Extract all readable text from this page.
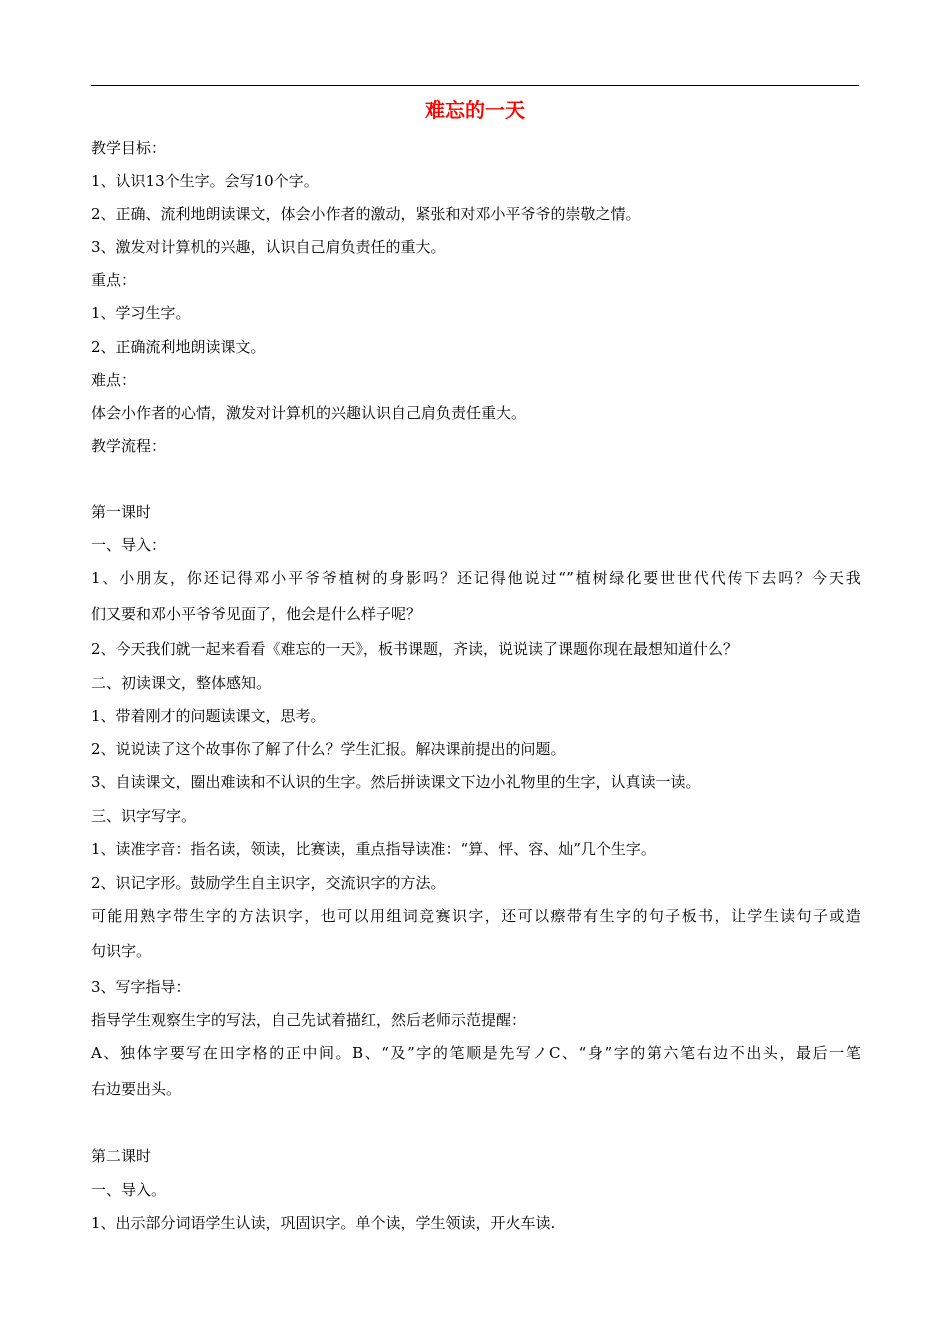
难忘的一天
教学目标：
1、认识13个生字。会写10个字。
2、正确、流利地朗读课文，体会小作者的激动，紧张和对邓小平爷爷的崇敬之情。
3、激发对计算机的兴趣，认识自己肩负责任的重大。
重点：
1、学习生字。
2、正确流利地朗读课文。
难点：
体会小作者的心情，激发对计算机的兴趣认识自己肩负责任重大。
教学流程：
第一课时
一、导入：
1、小朋友，你还记得邓小平爷爷植树的身影吗？还记得他说过“”植树绿化要世世代代传下去吗？今天我
们又要和邓小平爷爷见面了，他会是什么样子呢？
2、今天我们就一起来看看《难忘的一天》，板书课题，齐读，说说读了课题你现在最想知道什么？
二、初读课文，整体感知。
1、带着刚才的问题读课文，思考。
2、说说读了这个故事你了解了什么？学生汇报。解决课前提出的问题。
3、自读课文，圈出难读和不认识的生字。然后拼读课文下边小礼物里的生字，认真读一读。
三、识字写字。
1、读准字音：指名读，领读，比赛读，重点指导读准：“算、怦、容、灿”几个生字。
2、识记字形。鼓励学生自主识字，交流识字的方法。
可能用熟字带生字的方法识字，也可以用组词竞赛识字，还可以瘵带有生字的句子板书，让学生读句子或造
句识字。
3、写字指导：
指导学生观察生字的写法，自己先试着描红，然后老师示范提醒：
A、独体字要写在田字格的正中间。B、“及”字的笔顺是先写ノC、“身”字的第六笔右边不出头，最后一笔
右边要出头。
第二课时
一、导入。
1、出示部分词语学生认读，巩固识字。单个读，学生领读，开火车读.
